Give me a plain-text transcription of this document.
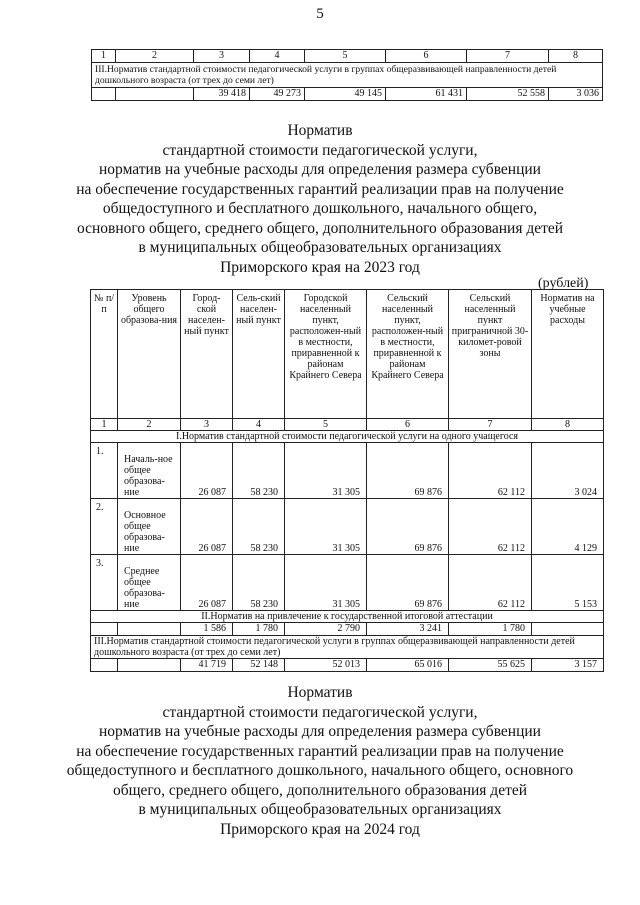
5
1	2	3	4	5	6	7	8
III.Норматив стандартной стоимости педагогической услуги в группах общеразвивающей направленности детей дошкольного возраста (от трех до семи лет)							
		39 418	49 273	49 145	61 431	52 558	3 036
Норматив
стандартной стоимости педагогической услуги,
норматив на учебные расходы для определения размера субвенции
на обеспечение государственных гарантий реализации прав на получение
общедоступного и бесплатного дошкольного, начального общего,
основного общего, среднего общего, дополнительного образования детей
в муниципальных общеобразовательных организациях
Приморского края на 2023 год
(рублей)
№ п/п	Уровень общего образова-ния	Город-ской населен-ный пункт	Сель-ский населен-ный пункт	Городской населенный пункт, расположен-ный в местности, приравненной к районам Крайнего Севера	Сельский населенный пункт, расположен-ный в местности, приравненной к районам Крайнего Севера	Сельский населенный пункт приграничной 30-километ-ровой зоны	Норматив на учебные расходы
1	2	3	4	5	6	7	8
I.Норматив стандартной стоимости педагогической услуги на одного учащегося							
1.	Началь-ное общее образова-ние	26 087	58 230	31 305	69 876	62 112	3 024
2.	Основное общее образова-ние	26 087	58 230	31 305	69 876	62 112	4 129
3.	Среднее общее образова-ние	26 087	58 230	31 305	69 876	62 112	5 153
II.Норматив на привлечение к государственной итоговой аттестации							
		1 586	1 780	2 790	3 241	1 780	
III.Норматив стандартной стоимости педагогической услуги в группах общеразвивающей направленности детей дошкольного возраста (от трех до семи лет)							
		41 719	52 148	52 013	65 016	55 625	3 157
Норматив
стандартной стоимости педагогической услуги,
норматив на учебные расходы для определения размера субвенции
на обеспечение государственных гарантий реализации прав на получение
общедоступного и бесплатного дошкольного, начального общего, основного
общего, среднего общего, дополнительного образования детей
в муниципальных общеобразовательных организациях
Приморского края на 2024 год
